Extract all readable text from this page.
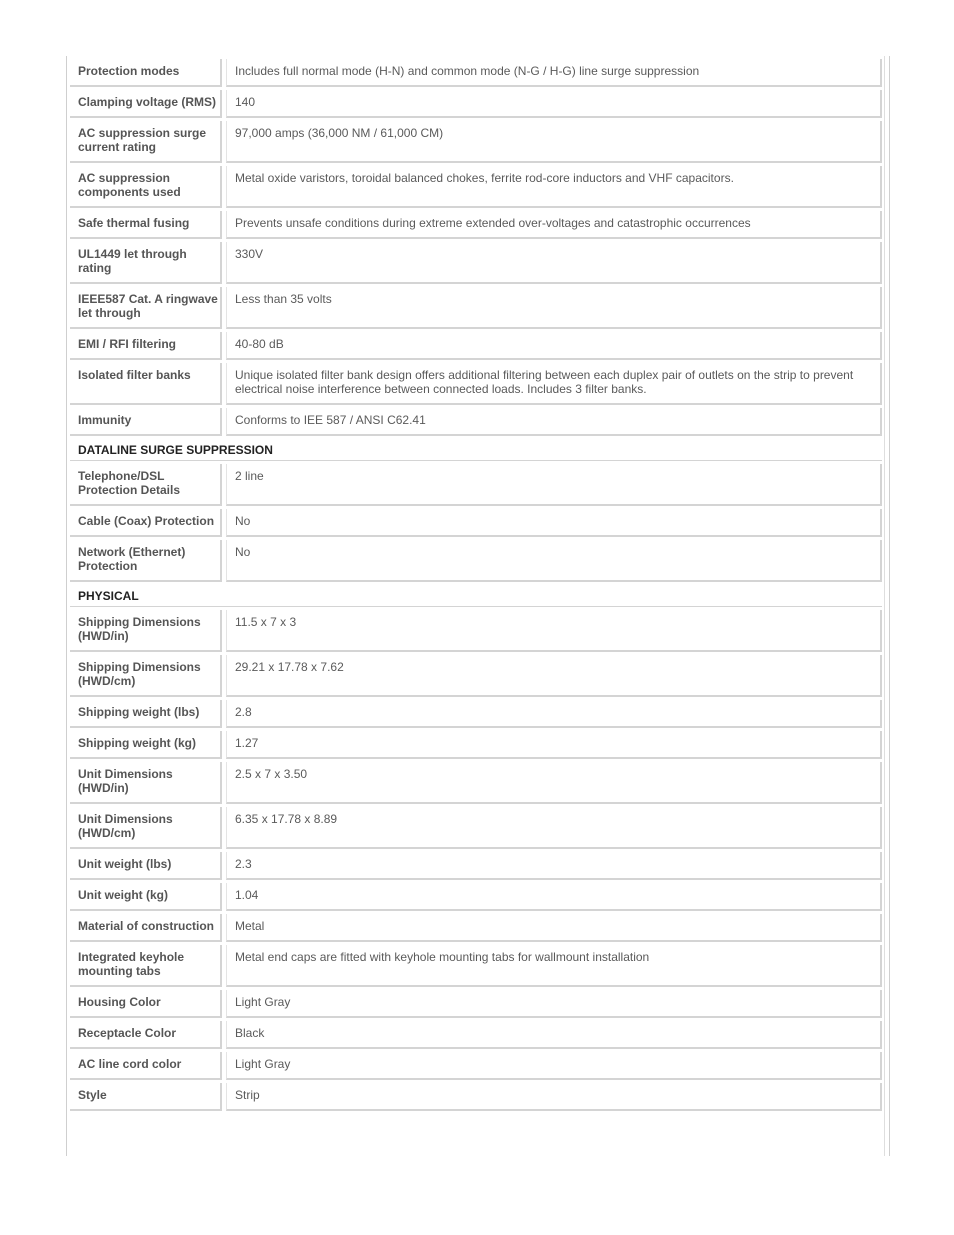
Protection modes		Includes full normal mode (H-N) and common mode (N-G / H-G) line surge suppression
Clamping voltage (RMS)		140
AC suppression surge current rating		97,000 amps (36,000 NM / 61,000 CM)
AC suppression components used		Metal oxide varistors, toroidal balanced chokes, ferrite rod-core inductors and VHF capacitors.
Safe thermal fusing		Prevents unsafe conditions during extreme extended over-voltages and catastrophic occurrences
UL1449 let through rating		330V
IEEE587 Cat. A ringwave let through		Less than 35 volts
EMI / RFI filtering		40-80 dB
Isolated filter banks		Unique isolated filter bank design offers additional filtering between each duplex pair of outlets on the strip to prevent electrical noise interference between connected loads. Includes 3 filter banks.
Immunity		Conforms to IEE 587 / ANSI C62.41
DATALINE SURGE SUPPRESSION		
Telephone/DSL Protection Details		2 line
Cable (Coax) Protection		No
Network (Ethernet) Protection		No
PHYSICAL		
Shipping Dimensions (HWD/in)		11.5 x 7 x 3
Shipping Dimensions (HWD/cm)		29.21 x 17.78 x 7.62
Shipping weight (lbs)		2.8
Shipping weight (kg)		1.27
Unit Dimensions (HWD/in)		2.5 x 7 x 3.50
Unit Dimensions (HWD/cm)		6.35 x 17.78 x 8.89
Unit weight (lbs)		2.3
Unit weight (kg)		1.04
Material of construction		Metal
Integrated keyhole mounting tabs		Metal end caps are fitted with keyhole mounting tabs for wallmount installation
Housing Color		Light Gray
Receptacle Color		Black
AC line cord color		Light Gray
Style		Strip
